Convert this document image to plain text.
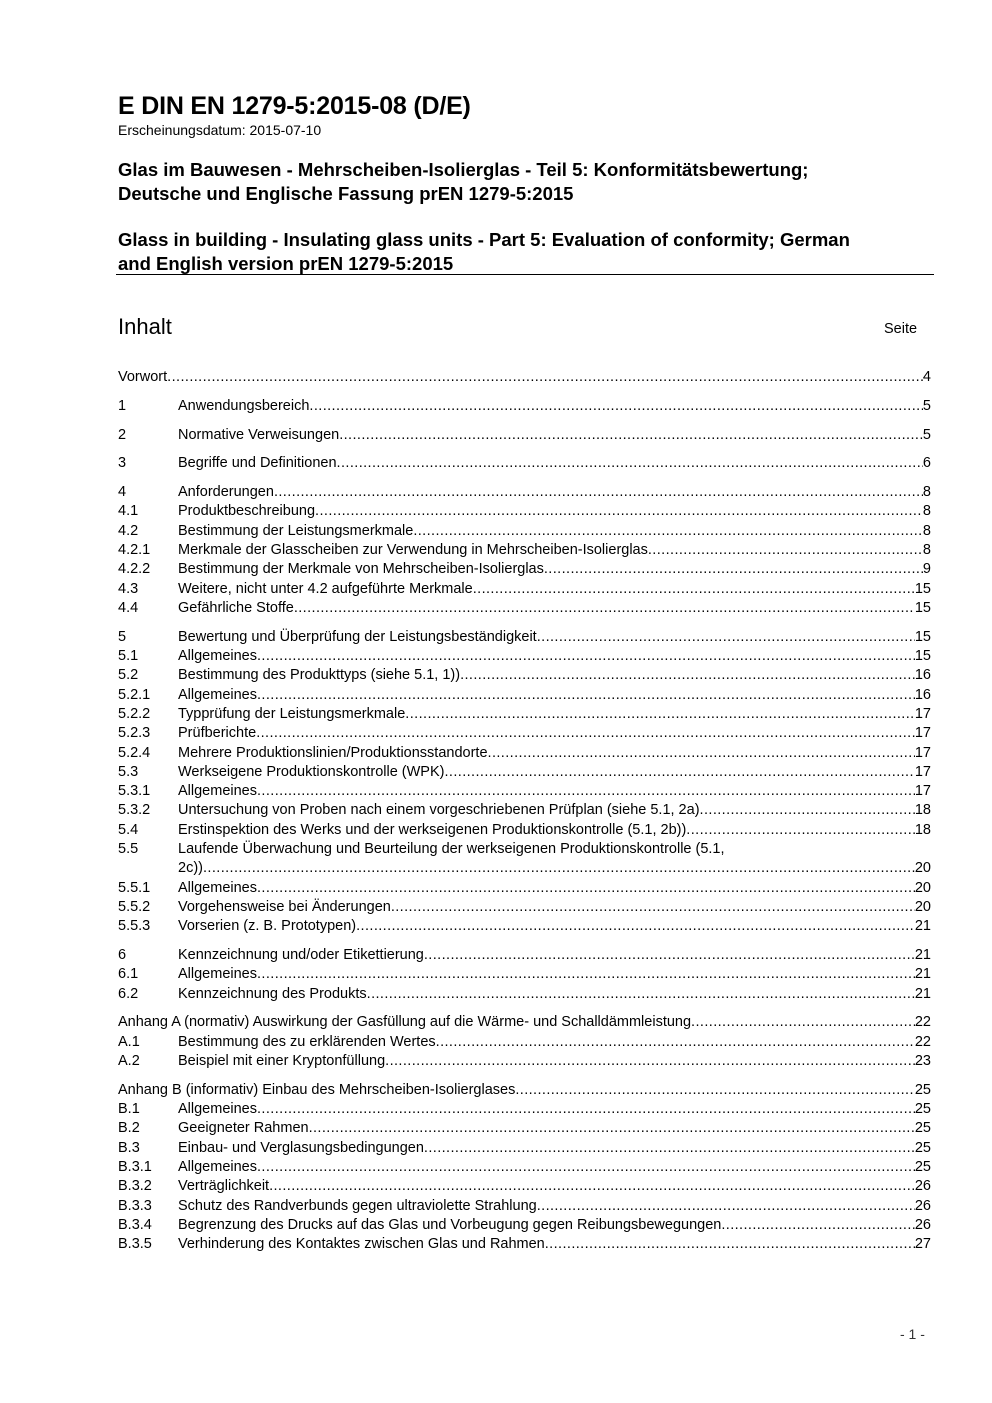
E DIN EN 1279-5:2015-08 (D/E)
Erscheinungsdatum: 2015-07-10
Glas im Bauwesen - Mehrscheiben-Isolierglas - Teil 5: Konformitätsbewertung;
Deutsche und Englische Fassung prEN 1279-5:2015
Glass in building - Insulating glass units - Part 5: Evaluation of conformity; German
and English version prEN 1279-5:2015
Inhalt	Seite
Vorwort .....	4
1	Anwendungsbereich .....	5
2	Normative Verweisungen .....	5
3	Begriffe und Definitionen .....	6
4	Anforderungen .....	8
4.1	Produktbeschreibung .....	8
4.2	Bestimmung der Leistungsmerkmale .....	8
4.2.1	Merkmale der Glasscheiben zur Verwendung in Mehrscheiben-Isolierglas .....	8
4.2.2	Bestimmung der Merkmale von Mehrscheiben-Isolierglas .....	9
4.3	Weitere, nicht unter 4.2 aufgeführte Merkmale .....	15
4.4	Gefährliche Stoffe .....	15
5	Bewertung und Überprüfung der Leistungsbeständigkeit .....	15
5.1	Allgemeines .....	15
5.2	Bestimmung des Produkttyps (siehe 5.1, 1)) .....	16
5.2.1	Allgemeines .....	16
5.2.2	Typprüfung der Leistungsmerkmale .....	17
5.2.3	Prüfberichte .....	17
5.2.4	Mehrere Produktionslinien/Produktionsstandorte .....	17
5.3	Werkseigene Produktionskontrolle (WPK) .....	17
5.3.1	Allgemeines .....	17
5.3.2	Untersuchung von Proben nach einem vorgeschriebenen Prüfplan (siehe 5.1, 2a) .....	18
5.4	Erstinspektion des Werks und der werkseigenen Produktionskontrolle (5.1, 2b)) .....	18
5.5	Laufende Überwachung und Beurteilung der werkseigenen Produktionskontrolle (5.1,
2c)) .....	20
5.5.1	Allgemeines .....	20
5.5.2	Vorgehensweise bei Änderungen .....	20
5.5.3	Vorserien (z. B. Prototypen) .....	21
6	Kennzeichnung und/oder Etikettierung .....	21
6.1	Allgemeines .....	21
6.2	Kennzeichnung des Produkts .....	21
Anhang A (normativ) Auswirkung der Gasfüllung auf die Wärme- und Schalldämmleistung .....	22
A.1	Bestimmung des zu erklärenden Wertes .....	22
A.2	Beispiel mit einer Kryptonfüllung .....	23
Anhang B (informativ) Einbau des Mehrscheiben-Isolierglases .....	25
B.1	Allgemeines .....	25
B.2	Geeigneter Rahmen .....	25
B.3	Einbau- und Verglasungsbedingungen .....	25
B.3.1	Allgemeines .....	25
B.3.2	Verträglichkeit .....	26
B.3.3	Schutz des Randverbunds gegen ultraviolette Strahlung .....	26
B.3.4	Begrenzung des Drucks auf das Glas und Vorbeugung gegen Reibungsbewegungen .....	26
B.3.5	Verhinderung des Kontaktes zwischen Glas und Rahmen .....	27
- 1 -
